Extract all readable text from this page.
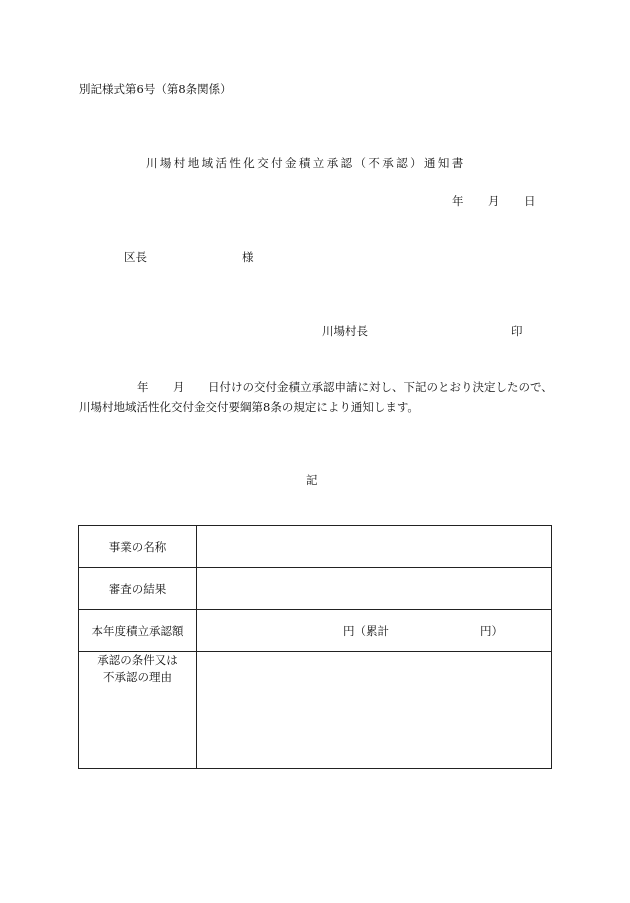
別記様式第6号（第8条関係）
川場村地域活性化交付金積立承認（不承認）通知書
年 月 日
区長	様
川場村長	印
年 月 日付けの交付金積立承認申請に対し、下記のとおり決定したので、
川場村地域活性化交付金交付要綱第8条の規定により通知します。
記
事業の名称	
審査の結果	
本年度積立承認額	円（累計 円）

承認の条件又は
不承認の理由	
